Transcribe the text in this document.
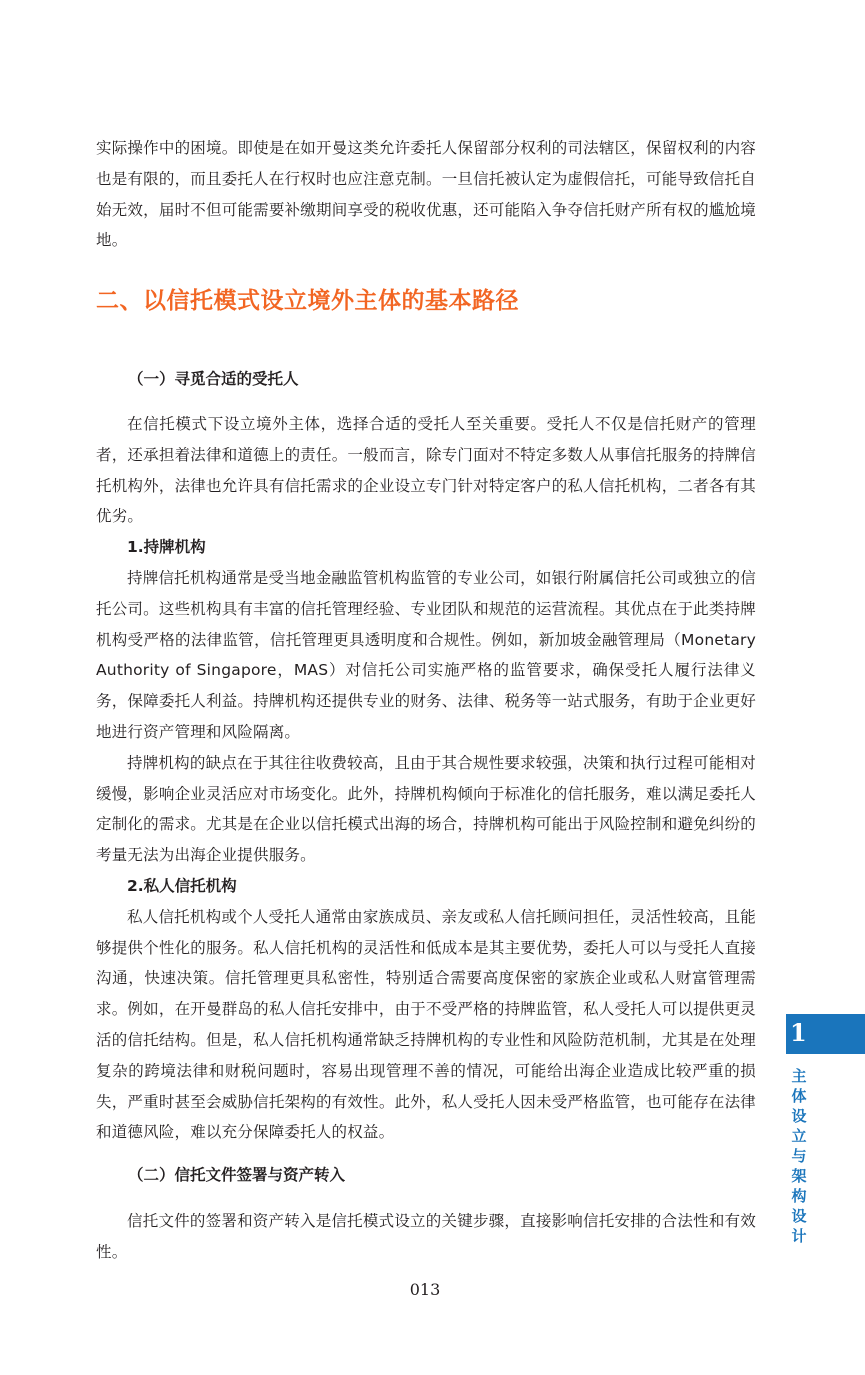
实际操作中的困境。即使是在如开曼这类允许委托人保留部分权利的司法辖区，保留权利的内容也是有限的，而且委托人在行权时也应注意克制。一旦信托被认定为虚假信托，可能导致信托自始无效，届时不但可能需要补缴期间享受的税收优惠，还可能陷入争夺信托财产所有权的尴尬境地。

二、以信托模式设立境外主体的基本路径
（一）寻觅合适的受托人

在信托模式下设立境外主体，选择合适的受托人至关重要。受托人不仅是信托财产的管理者，还承担着法律和道德上的责任。一般而言，除专门面对不特定多数人从事信托服务的持牌信托机构外，法律也允许具有信托需求的企业设立专门针对特定客户的私人信托机构，二者各有其优劣。

1.持牌机构

持牌信托机构通常是受当地金融监管机构监管的专业公司，如银行附属信托公司或独立的信托公司。这些机构具有丰富的信托管理经验、专业团队和规范的运营流程。其优点在于此类持牌机构受严格的法律监管，信托管理更具透明度和合规性。例如，新加坡金融管理局（Monetary Authority of Singapore，MAS）对信托公司实施严格的监管要求，确保受托人履行法律义务，保障委托人利益。持牌机构还提供专业的财务、法律、税务等一站式服务，有助于企业更好地进行资产管理和风险隔离。

持牌机构的缺点在于其往往收费较高，且由于其合规性要求较强，决策和执行过程可能相对缓慢，影响企业灵活应对市场变化。此外，持牌机构倾向于标准化的信托服务，难以满足委托人定制化的需求。尤其是在企业以信托模式出海的场合，持牌机构可能出于风险控制和避免纠纷的考量无法为出海企业提供服务。

2.私人信托机构

私人信托机构或个人受托人通常由家族成员、亲友或私人信托顾问担任，灵活性较高，且能够提供个性化的服务。私人信托机构的灵活性和低成本是其主要优势，委托人可以与受托人直接沟通，快速决策。信托管理更具私密性，特别适合需要高度保密的家族企业或私人财富管理需求。例如，在开曼群岛的私人信托安排中，由于不受严格的持牌监管，私人受托人可以提供更灵活的信托结构。但是，私人信托机构通常缺乏持牌机构的专业性和风险防范机制，尤其是在处理复杂的跨境法律和财税问题时，容易出现管理不善的情况，可能给出海企业造成比较严重的损失，严重时甚至会威胁信托架构的有效性。此外，私人受托人因未受严格监管，也可能存在法律和道德风险，难以充分保障委托人的权益。

（二）信托文件签署与资产转入

信托文件的签署和资产转入是信托模式设立的关键步骤，直接影响信托安排的合法性和有效性。

013
1
主体设立与架构设计
